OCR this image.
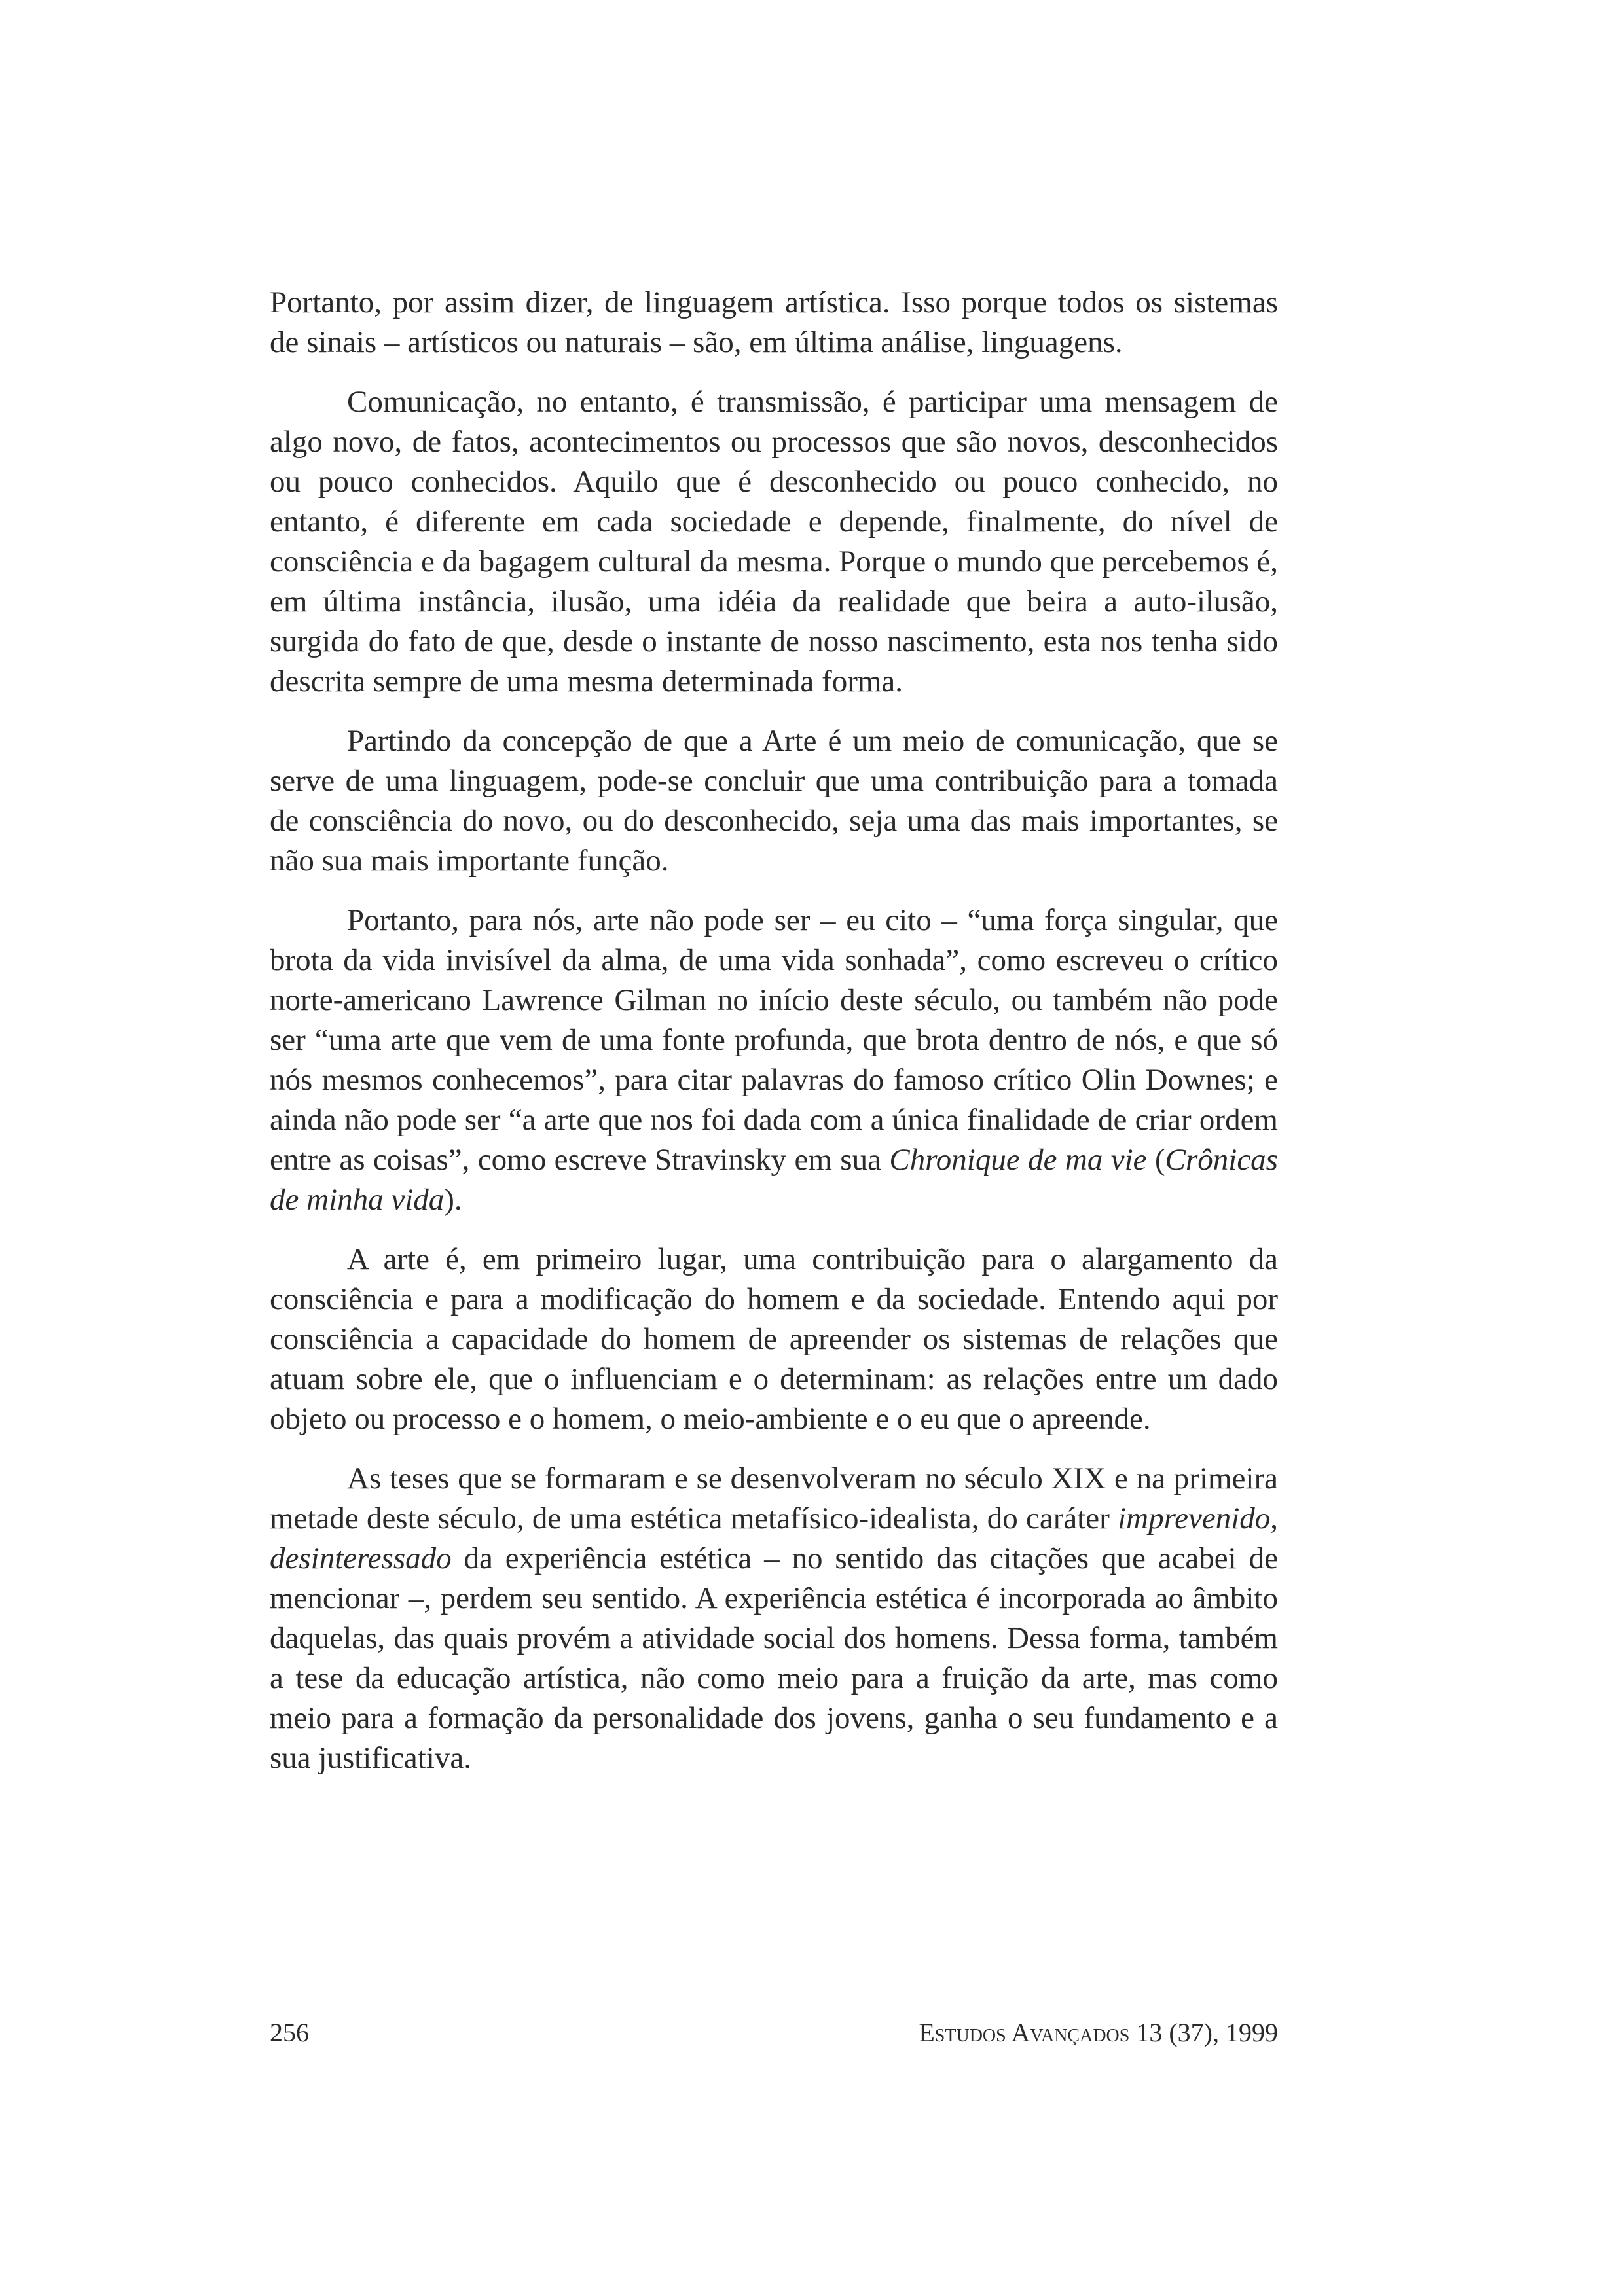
Portanto, por assim dizer, de linguagem artística. Isso porque todos os sistemas de sinais – artísticos ou naturais – são, em última análise, linguagens.

Comunicação, no entanto, é transmissão, é participar uma mensagem de algo novo, de fatos, acontecimentos ou processos que são novos, desconhecidos ou pouco conhecidos. Aquilo que é desconhecido ou pouco conhecido, no entanto, é diferente em cada sociedade e depende, finalmente, do nível de consciência e da bagagem cultural da mesma. Porque o mundo que percebemos é, em última instância, ilusão, uma idéia da realidade que beira a auto-ilusão, surgida do fato de que, desde o instante de nosso nascimento, esta nos tenha sido descrita sempre de uma mesma determinada forma.

Partindo da concepção de que a Arte é um meio de comunicação, que se serve de uma linguagem, pode-se concluir que uma contribuição para a tomada de consciência do novo, ou do desconhecido, seja uma das mais importantes, se não sua mais importante função.

Portanto, para nós, arte não pode ser – eu cito – “uma força singular, que brota da vida invisível da alma, de uma vida sonhada”, como escreveu o crítico norte-americano Lawrence Gilman no início deste século, ou também não pode ser “uma arte que vem de uma fonte profunda, que brota dentro de nós, e que só nós mesmos conhecemos”, para citar palavras do famoso crítico Olin Downes; e ainda não pode ser “a arte que nos foi dada com a única finalidade de criar ordem entre as coisas”, como escreve Stravinsky em sua Chronique de ma vie (Crônicas de minha vida).

A arte é, em primeiro lugar, uma contribuição para o alargamento da consciência e para a modificação do homem e da sociedade. Entendo aqui por consciência a capacidade do homem de apreender os sistemas de relações que atuam sobre ele, que o influenciam e o determinam: as relações entre um dado objeto ou processo e o homem, o meio-ambiente e o eu que o apreende.

As teses que se formaram e se desenvolveram no século XIX e na primeira metade deste século, de uma estética metafísico-idealista, do caráter imprevenido, desinteressado da experiência estética – no sentido das citações que acabei de mencionar –, perdem seu sentido. A experiência estética é incorporada ao âmbito daquelas, das quais provém a atividade social dos homens. Dessa forma, também a tese da educação artística, não como meio para a fruição da arte, mas como meio para a formação da personalidade dos jovens, ganha o seu fundamento e a sua justificativa.

256	Estudos Avançados 13 (37), 1999
